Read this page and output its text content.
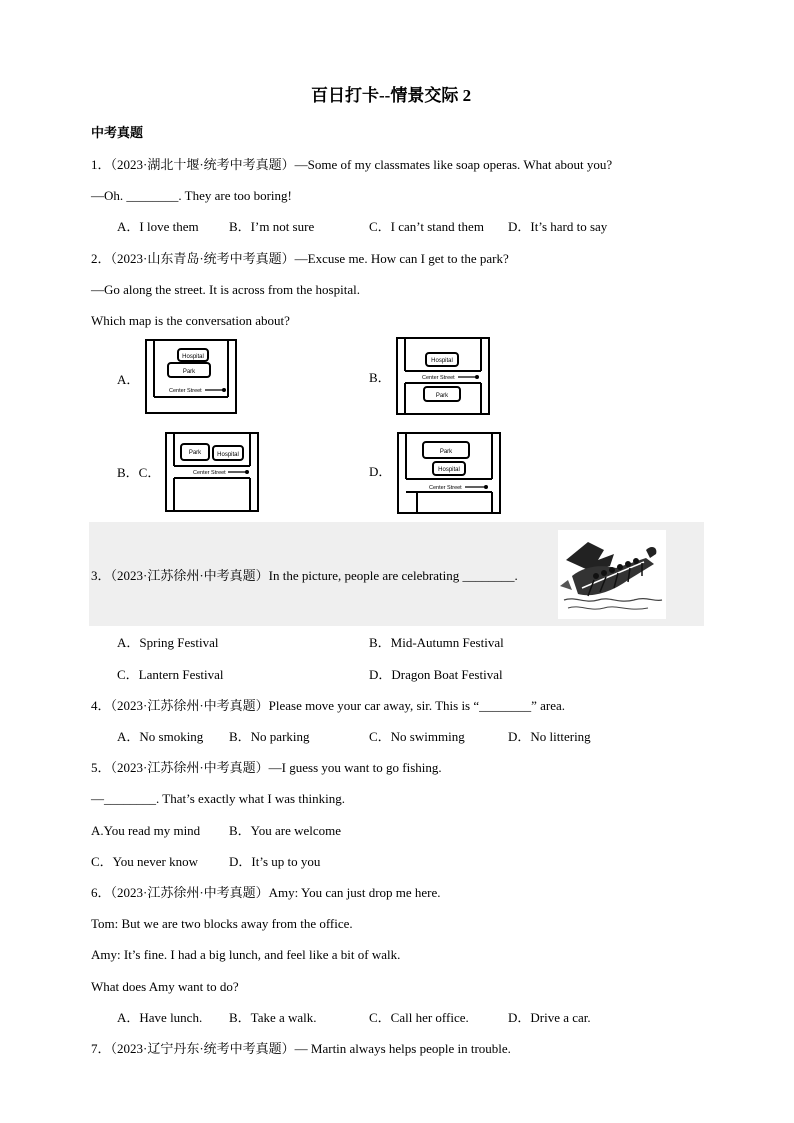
百日打卡--情景交际 2
中考真题
1．（2023·湖北十堰·统考中考真题）—Some of my classmates like soap operas. What about you?
—Oh. ________. They are too boring!
A．I love them B．I’m not sure	C．I can’t stand them D．It’s hard to say
2．（2023·山东青岛·统考中考真题）—Excuse me. How can I get to the park?
—Go along the street. It is across from the hospital.
Which map is the conversation about?
A．	B．
B．C．	D．
Hospital
Park
Center Street
Hospital
Center Street
Park
Park	Hospital
Center Street
Park
Hospital
Center Street
3．（2023·江苏徐州·中考真题）In the picture, people are celebrating ________.
A．Spring Festival	B．Mid-Autumn Festival
C．Lantern Festival	D．Dragon Boat Festival
4．（2023·江苏徐州·中考真题）Please move your car away, sir. This is “________” area.
A．No smoking B．No parking	C．No swimming	D．No littering
5．（2023·江苏徐州·中考真题）—I guess you want to go fishing.
—________. That’s exactly what I was thinking.
A.You read my mind B．You are welcome
C．You never know D．It’s up to you
6．（2023·江苏徐州·中考真题）Amy: You can just drop me here.
Tom: But we are two blocks away from the office.
Amy: It’s fine. I had a big lunch, and feel like a bit of walk.
What does Amy want to do?
A．Have lunch. B．Take a walk.	C．Call her office.	D．Drive a car.
7．（2023·辽宁丹东·统考中考真题）— Martin always helps people in trouble.
